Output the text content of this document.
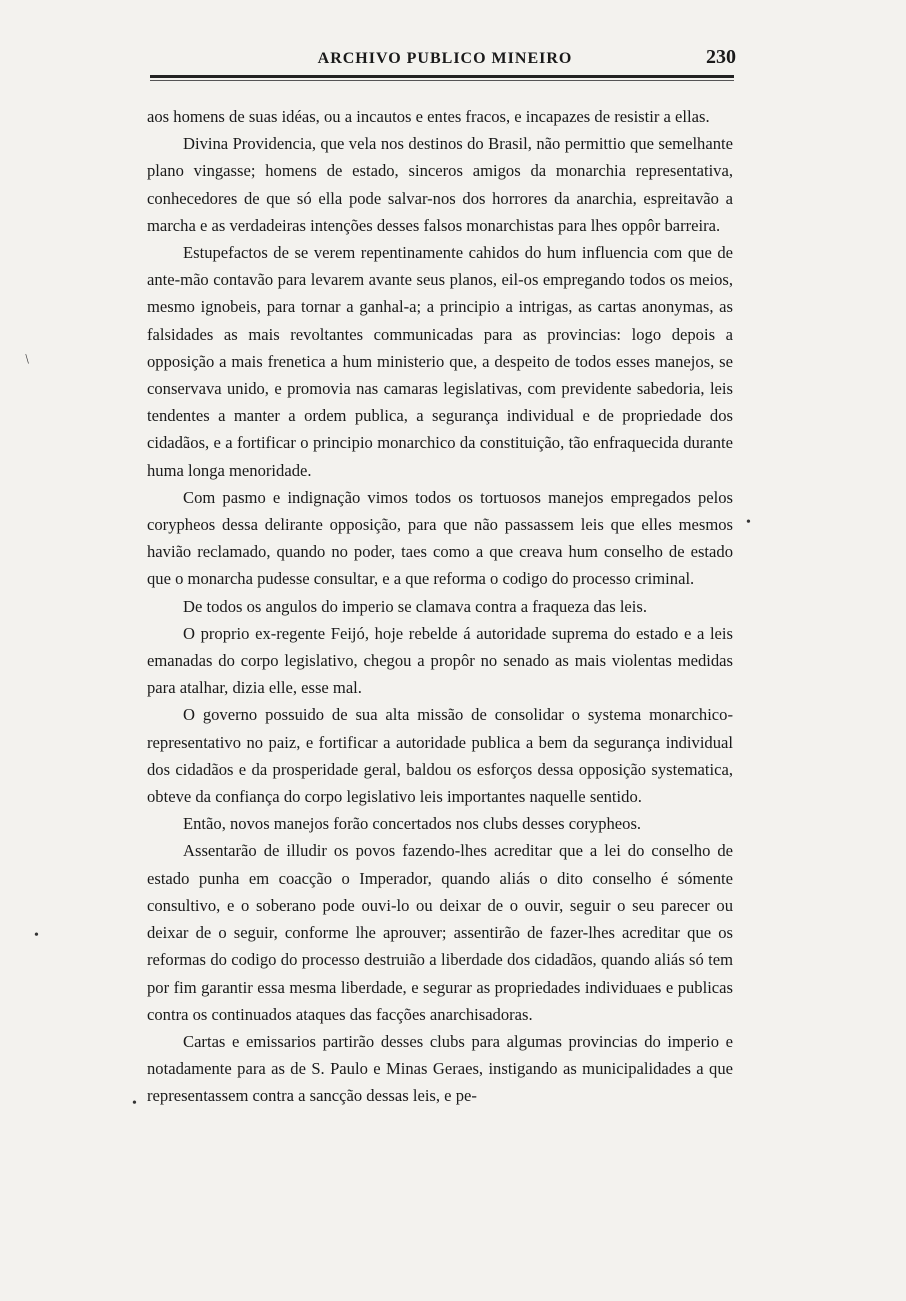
ARCHIVO PUBLICO MINEIRO	230

aos homens de suas idéas, ou a incautos e entes fracos, e incapazes de resistir a ellas.

Divina Providencia, que vela nos destinos do Brasil, não permittio que semelhante plano vingasse; homens de estado, sinceros amigos da monarchia representativa, conhecedores de que só ella pode salvar-nos dos horrores da anarchia, espreitavão a marcha e as verdadeiras intenções desses falsos monarchistas para lhes oppôr barreira.

Estupefactos de se verem repentinamente cahidos do hum influencia com que de ante-mão contavão para levarem avante seus planos, eil-os empregando todos os meios, mesmo ignobeis, para tornar a ganhal-a; a principio a intrigas, as cartas anonymas, as falsidades as mais revoltantes communicadas para as provincias: logo depois a opposição a mais frenetica a hum ministerio que, a despeito de todos esses manejos, se conservava unido, e promovia nas camaras legislativas, com previdente sabedoria, leis tendentes a manter a ordem publica, a segurança individual e de propriedade dos cidadãos, e a fortificar o principio monarchico da constituição, tão enfraquecida durante huma longa menoridade.

Com pasmo e indignação vimos todos os tortuosos manejos empregados pelos corypheos dessa delirante opposição, para que não passassem leis que elles mesmos havião reclamado, quando no poder, taes como a que creava hum conselho de estado que o monarcha pudesse consultar, e a que reforma o codigo do processo criminal.

De todos os angulos do imperio se clamava contra a fraqueza das leis.

O proprio ex-regente Feijó, hoje rebelde á autoridade suprema do estado e a leis emanadas do corpo legislativo, chegou a propôr no senado as mais violentas medidas para atalhar, dizia elle, esse mal.

O governo possuido de sua alta missão de consolidar o systema monarchico-representativo no paiz, e fortificar a autoridade publica a bem da segurança individual dos cidadãos e da prosperidade geral, baldou os esforços dessa opposição systematica, obteve da confiança do corpo legislativo leis importantes naquelle sentido.

Então, novos manejos forão concertados nos clubs desses corypheos.

Assentarão de illudir os povos fazendo-lhes acreditar que a lei do conselho de estado punha em coacção o Imperador, quando aliás o dito conselho é sómente consultivo, e o soberano pode ouvi-lo ou deixar de o ouvir, seguir o seu parecer ou deixar de o seguir, conforme lhe aprouver; assentirão de fazer-lhes acreditar que os reformas do codigo do processo destruião a liberdade dos cidadãos, quando aliás só tem por fim garantir essa mesma liberdade, e segurar as propriedades individuaes e publicas contra os continuados ataques das facções anarchisadoras.

Cartas e emissarios partirão desses clubs para algumas provincias do imperio e notadamente para as de S. Paulo e Minas Geraes, instigando as municipalidades a que representassem contra a sancção dessas leis, e pe-

/
•
•
•
